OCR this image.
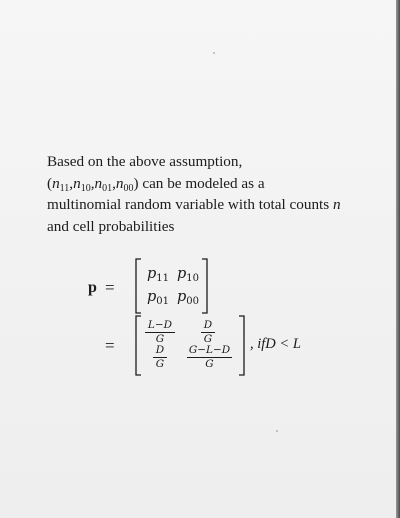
Based on the above assumption,
$(n_{11},n_{10},n_{01},n_{00})$ can be modeled as a
multinomial random variable with total counts n
and cell probabilities
p =
=
$p_{11}$ $p_{10}$
$p_{01}$ $p_{00}$
L−D
G
D
G
D
G
G−L−D
G
, ifD < L
